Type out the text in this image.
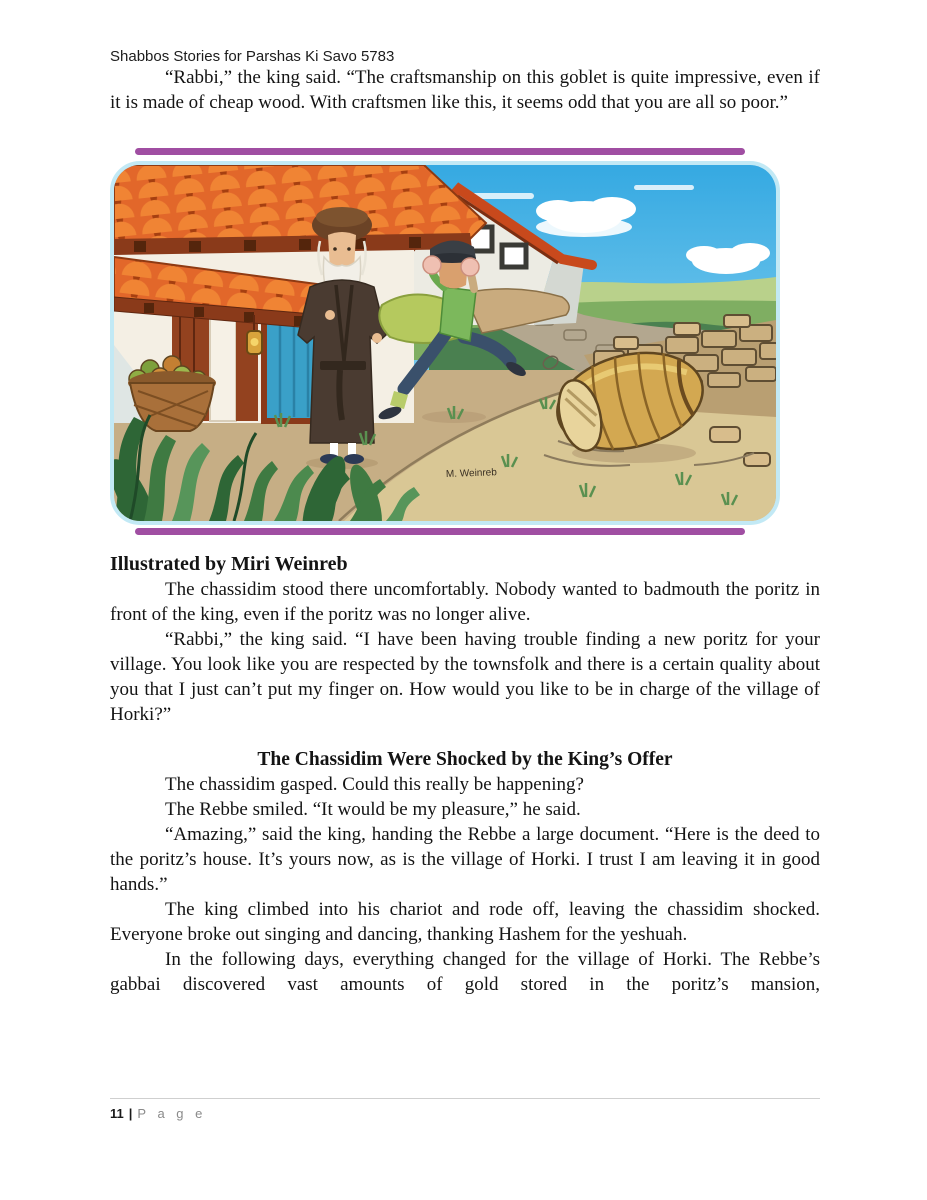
Shabbos Stories for Parshas Ki Savo 5783

“Rabbi,” the king said. “The craftsmanship on this goblet is quite impressive, even if it is made of cheap wood. With craftsmen like this, it seems odd that you are all so poor.”

M. Weinreb

Illustrated by Miri Weinreb

The chassidim stood there uncomfortably. Nobody wanted to badmouth the poritz in front of the king, even if the poritz was no longer alive.

“Rabbi,” the king said. “I have been having trouble finding a new poritz for your village. You look like you are respected by the townsfolk and there is a certain quality about you that I just can’t put my finger on. How would you like to be in charge of the village of Horki?”

The Chassidim Were Shocked by the King’s Offer

The chassidim gasped. Could this really be happening?

The Rebbe smiled. “It would be my pleasure,” he said.

“Amazing,” said the king, handing the Rebbe a large document. “Here is the deed to the poritz’s house. It’s yours now, as is the village of Horki. I trust I am leaving it in good hands.”

The king climbed into his chariot and rode off, leaving the chassidim shocked. Everyone broke out singing and dancing, thanking Hashem for the yeshuah.

In the following days, everything changed for the village of Horki. The Rebbe’s gabbai discovered vast amounts of gold stored in the poritz’s mansion,

11 | P a g e
